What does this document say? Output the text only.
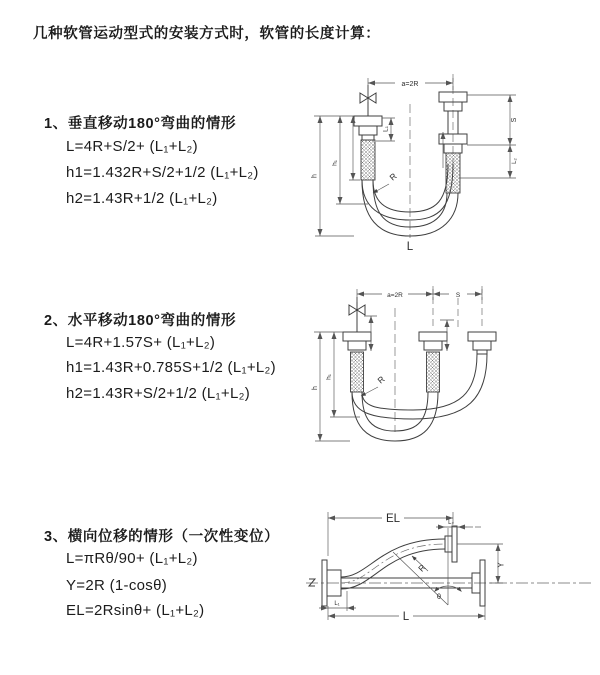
几种软管运动型式的安装方式时，软管的长度计算：
1、垂直移动180°弯曲的情形
L=4R+S/2+ (L₁+L₂)
h1=1.432R+S/2+1/2 (L₁+L₂)
h2=1.43R+1/2 (L₁+L₂)
2、水平移动180°弯曲的情形
L=4R+1.57S+ (L₁+L₂)
h1=1.43R+0.785S+1/2 (L₁+L₂)
h2=1.43R+S/2+1/2 (L₁+L₂)
3、横向位移的情形（一次性变位）
L=πRθ/90+ (L₁+L₂)
Y=2R (1-cosθ)
EL=2Rsinθ+ (L₁+L₂)
a=2R
L₁
S
L₂
h
h₁
R
L
a=2R	S
h
h₁	R
θ
R
EL	L₂
Y
L₁
L
